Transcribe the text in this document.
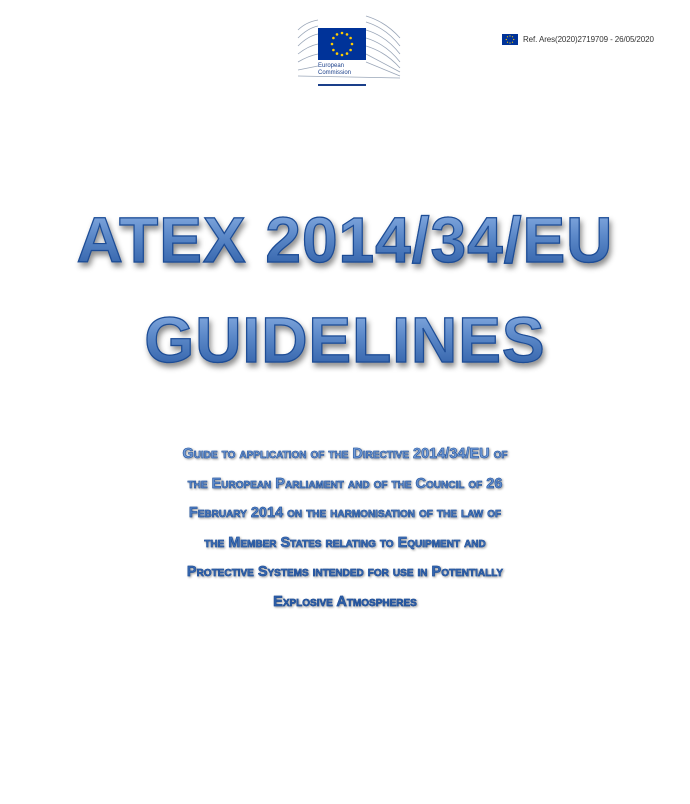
European
Commission
Ref. Ares(2020)2719709 - 26/05/2020
ATEX 2014/34/EU
GUIDELINES
Guide to application of the Directive 2014/34/EU of
the European Parliament and of the Council of 26
February 2014 on the harmonisation of the law of
the Member States relating to Equipment and
Protective Systems intended for use in Potentially
Explosive Atmospheres
